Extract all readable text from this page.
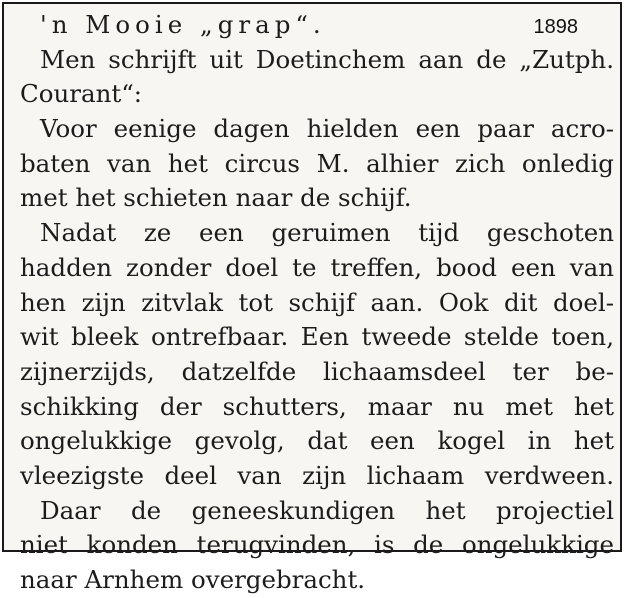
1898
'n Mooie „grap“.
Men schrijft uit Doetinchem aan de „Zutph.
Courant“:
Voor eenige dagen hielden een paar acro-
baten van het circus M. alhier zich onledig
met het schieten naar de schijf.
Nadat ze een geruimen tijd geschoten
hadden zonder doel te treffen, bood een van
hen zijn zitvlak tot schijf aan. Ook dit doel-
wit bleek ontrefbaar. Een tweede stelde toen,
zijnerzijds, datzelfde lichaamsdeel ter be-
schikking der schutters, maar nu met het
ongelukkige gevolg, dat een kogel in het
vleezigste deel van zijn lichaam verdween.
Daar de geneeskundigen het projectiel
niet konden terugvinden, is de ongelukkige
naar Arnhem overgebracht.
